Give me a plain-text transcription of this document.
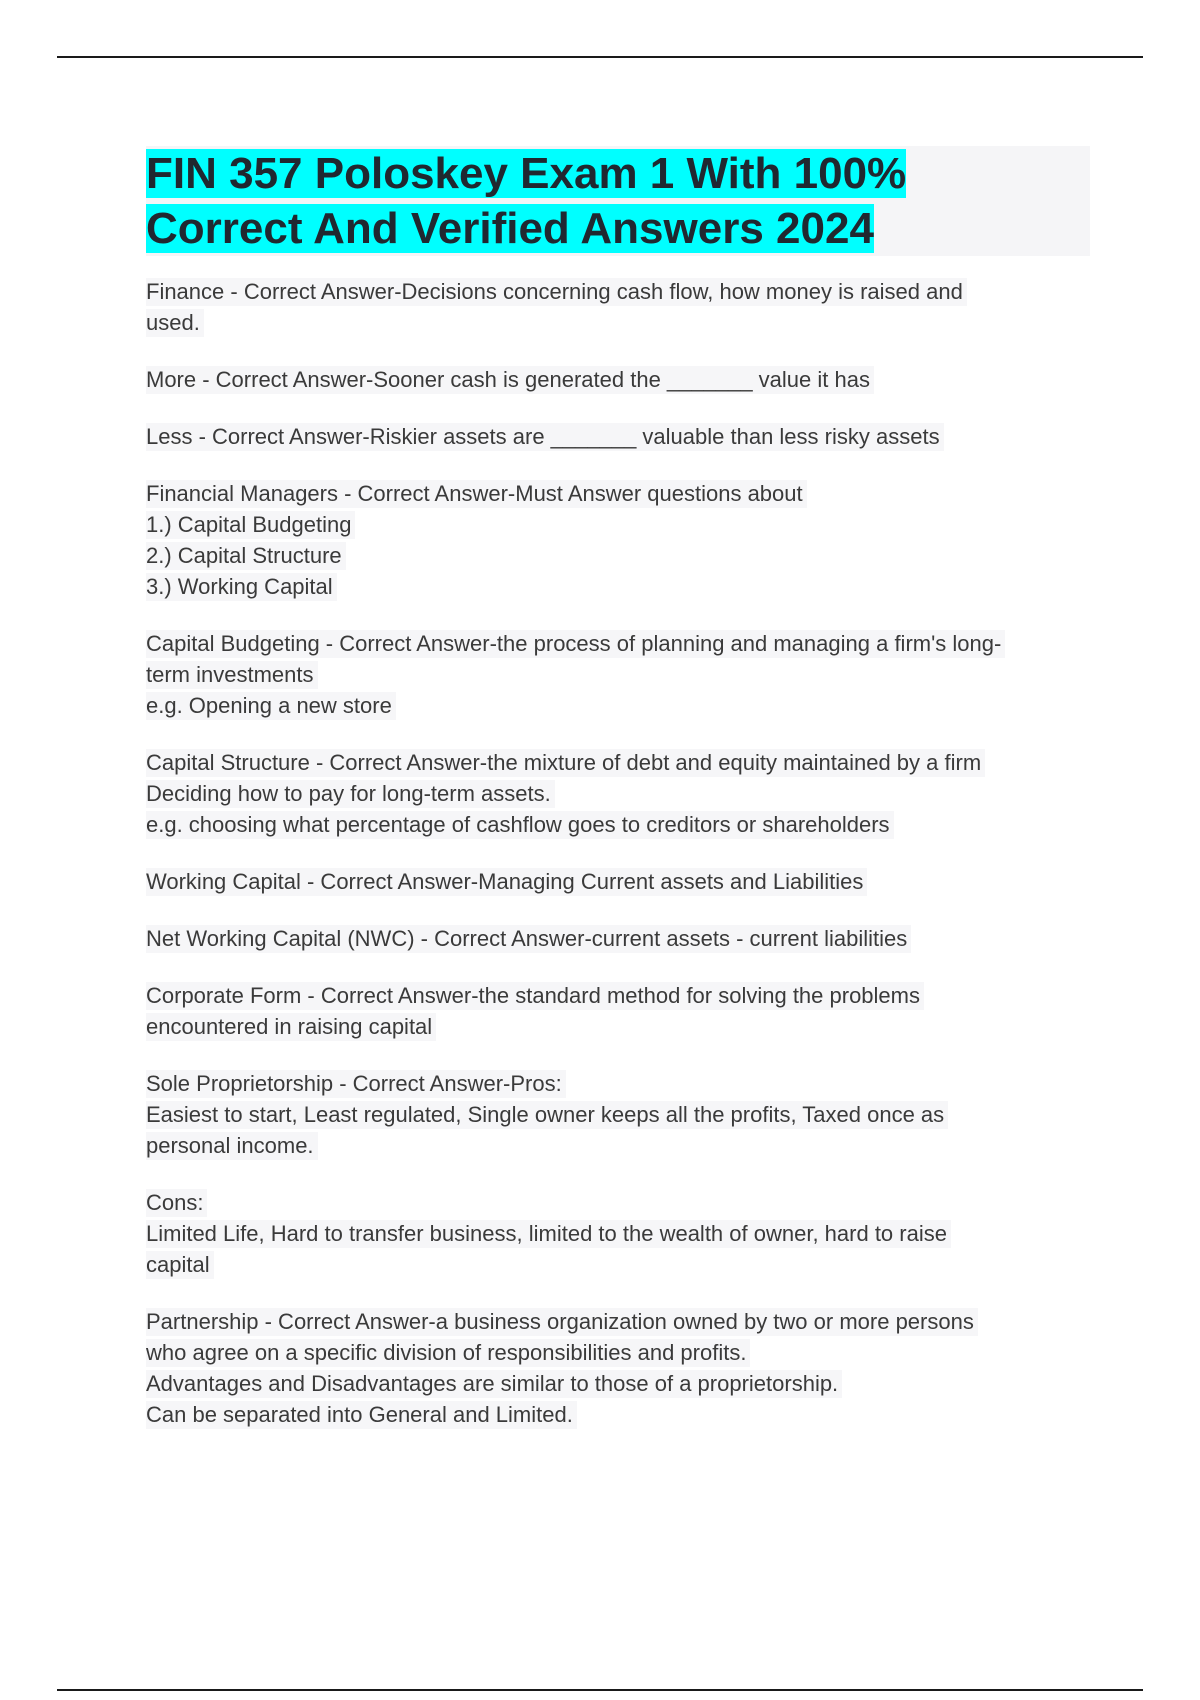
FIN 357 Poloskey Exam 1 With 100%
Correct And Verified Answers 2024
Finance - Correct Answer-Decisions concerning cash flow, how money is raised and
used.
More - Correct Answer-Sooner cash is generated the _______ value it has
Less - Correct Answer-Riskier assets are _______ valuable than less risky assets
Financial Managers - Correct Answer-Must Answer questions about
1.) Capital Budgeting
2.) Capital Structure
3.) Working Capital
Capital Budgeting - Correct Answer-the process of planning and managing a firm's long-
term investments
e.g. Opening a new store
Capital Structure - Correct Answer-the mixture of debt and equity maintained by a firm
Deciding how to pay for long-term assets.
e.g. choosing what percentage of cashflow goes to creditors or shareholders
Working Capital - Correct Answer-Managing Current assets and Liabilities
Net Working Capital (NWC) - Correct Answer-current assets - current liabilities
Corporate Form - Correct Answer-the standard method for solving the problems
encountered in raising capital
Sole Proprietorship - Correct Answer-Pros:
Easiest to start, Least regulated, Single owner keeps all the profits, Taxed once as
personal income.
Cons:
Limited Life, Hard to transfer business, limited to the wealth of owner, hard to raise
capital
Partnership - Correct Answer-a business organization owned by two or more persons
who agree on a specific division of responsibilities and profits.
Advantages and Disadvantages are similar to those of a proprietorship.
Can be separated into General and Limited.
